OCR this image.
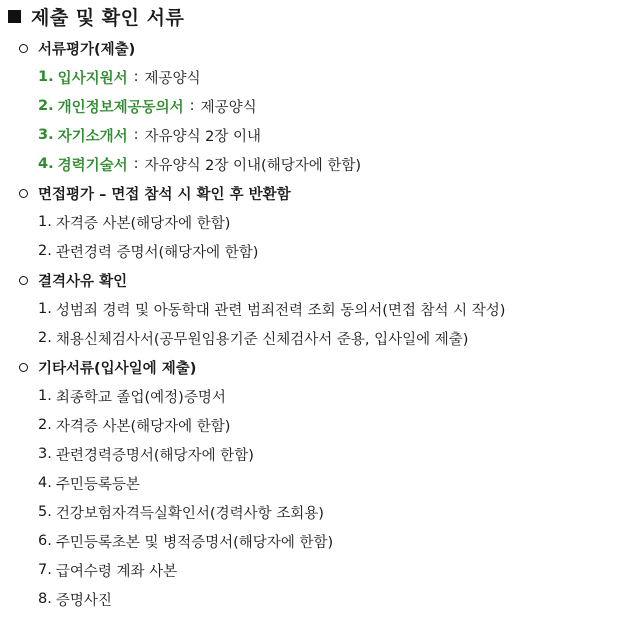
제출 및 확인 서류
서류평가(제출)
1. 입사지원서 : 제공양식
2. 개인정보제공동의서 : 제공양식
3. 자기소개서 : 자유양식 2장 이내
4. 경력기술서 : 자유양식 2장 이내(해당자에 한함)
면접평가 – 면접 참석 시 확인 후 반환함
1. 자격증 사본(해당자에 한함)
2. 관련경력 증명서(해당자에 한함)
결격사유 확인
1. 성범죄 경력 및 아동학대 관련 범죄전력 조회 동의서(면접 참석 시 작성)
2. 채용신체검사서(공무원임용기준 신체검사서 준용, 입사일에 제출)
기타서류(입사일에 제출)
1. 최종학교 졸업(예정)증명서
2. 자격증 사본(해당자에 한함)
3. 관련경력증명서(해당자에 한함)
4. 주민등록등본
5. 건강보험자격득실확인서(경력사항 조회용)
6. 주민등록초본 및 병적증명서(해당자에 한함)
7. 급여수령 계좌 사본
8. 증명사진
